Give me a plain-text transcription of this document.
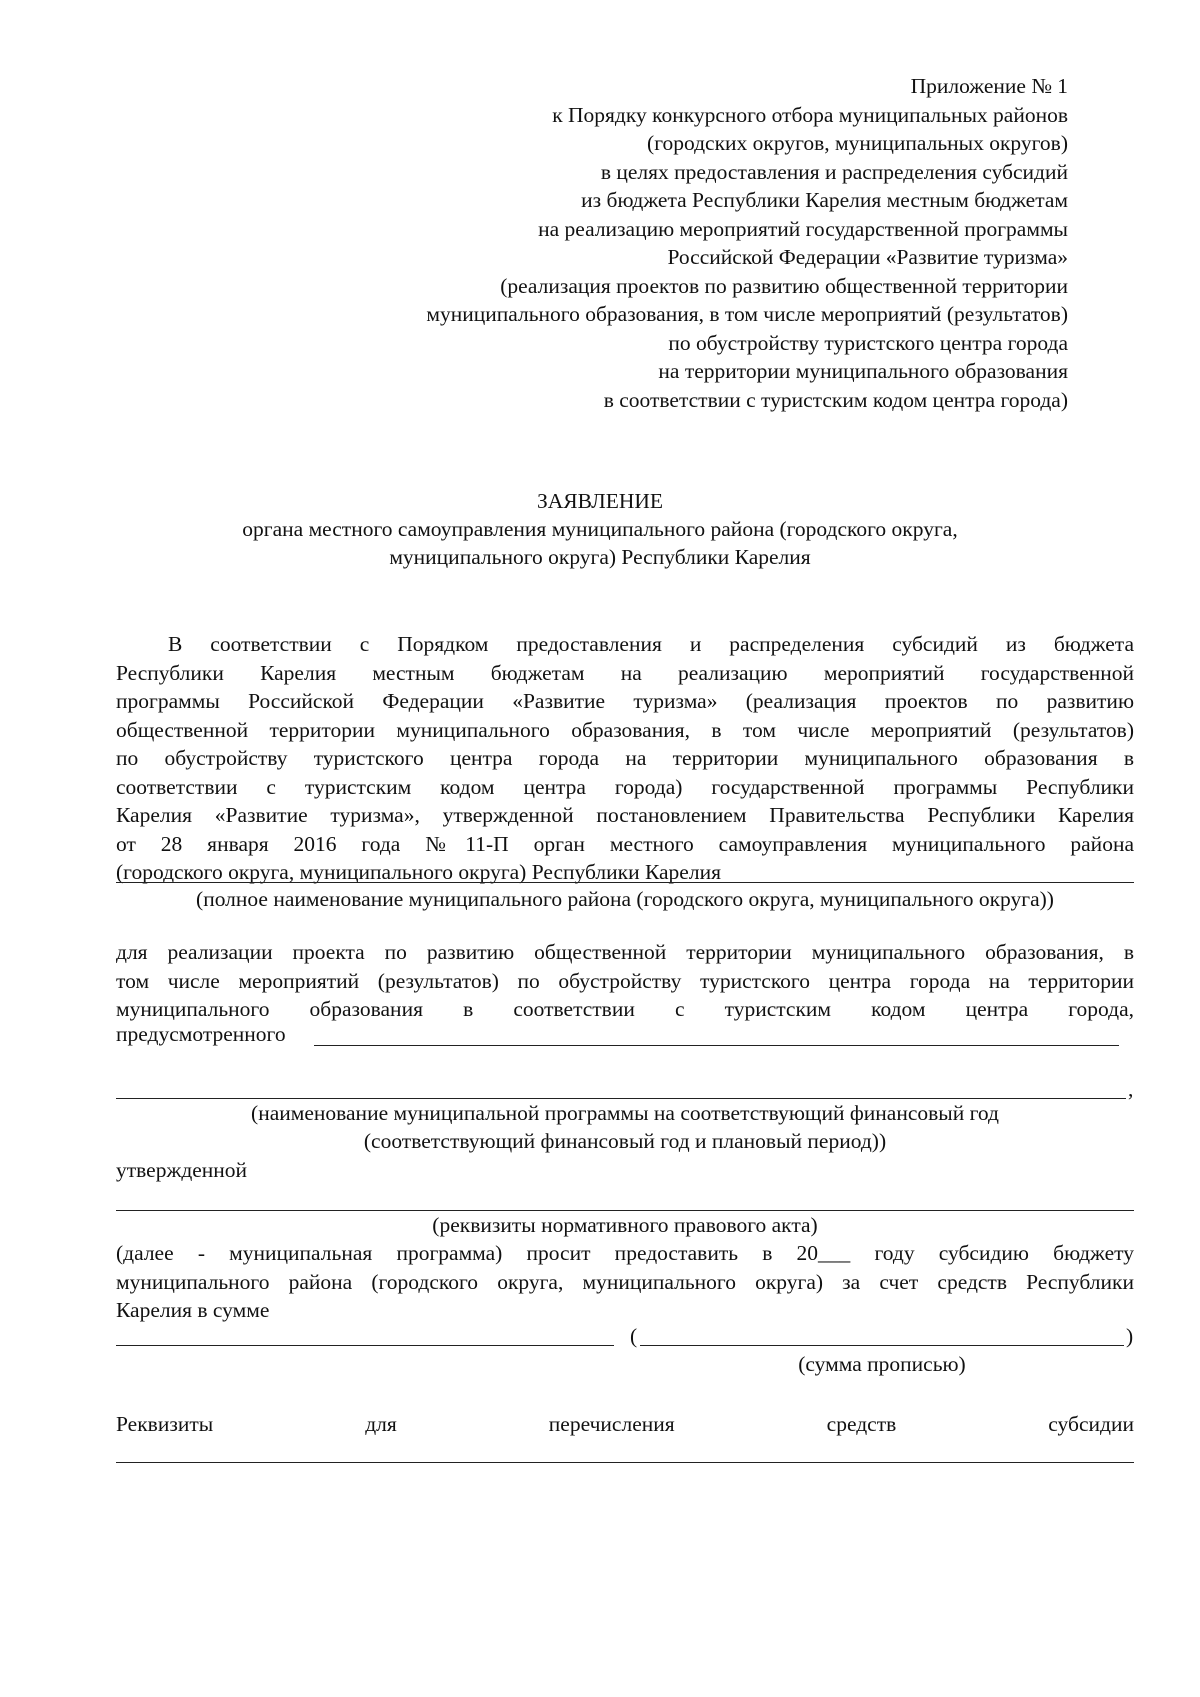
Приложение № 1
к Порядку конкурсного отбора муниципальных районов
(городских округов, муниципальных округов)
в целях предоставления и распределения субсидий
из бюджета Республики Карелия местным бюджетам
на реализацию мероприятий государственной программы
Российской Федерации «Развитие туризма»
(реализация проектов по развитию общественной территории
муниципального образования, в том числе мероприятий (результатов)
по обустройству туристского центра города
на территории муниципального образования
в соответствии с туристским кодом центра города)
ЗАЯВЛЕНИЕ
органа местного самоуправления муниципального района (городского округа,
муниципального округа) Республики Карелия
В соответствии с Порядком предоставления и распределения субсидий из бюджета
Республики Карелия местным бюджетам на реализацию мероприятий государственной
программы Российской Федерации «Развитие туризма» (реализация проектов по развитию
общественной территории муниципального образования, в том числе мероприятий (результатов)
по обустройству туристского центра города на территории муниципального образования в
соответствии с туристским кодом центра города) государственной программы Республики
Карелия «Развитие туризма», утвержденной постановлением Правительства Республики Карелия
от 28 января 2016 года №11-П орган местного самоуправления муниципального района
(городского округа, муниципального округа) Республики Карелия
(полное наименование муниципального района (городского округа, муниципального округа))
для реализации проекта по развитию общественной территории муниципального образования, в
том числе мероприятий (результатов) по обустройству туристского центра города на территории
муниципального образования в соответствии с туристским кодом центра города,
предусмотренного
,
(наименование муниципальной программы на соответствующий финансовый год
(соответствующий финансовый год и плановый период))
утвержденной
(реквизиты нормативного правового акта)
(далее - муниципальная программа) просит предоставить в 20___ году субсидию бюджету
муниципального района (городского округа, муниципального округа) за счет средств Республики
Карелия в сумме
(	)
(сумма прописью)
Реквизиты	для	перечисления	средств	субсидии
